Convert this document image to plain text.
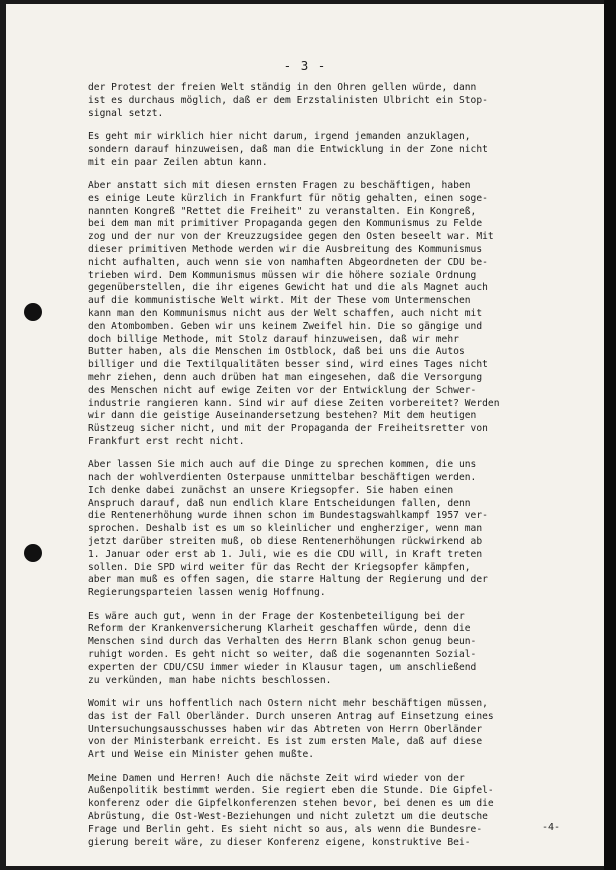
- 3 -
der Protest der freien Welt ständig in den Ohren gellen würde, dann
ist es durchaus möglich, daß er dem Erzstalinisten Ulbricht ein Stop-
signal setzt.
Es geht mir wirklich hier nicht darum, irgend jemanden anzuklagen,
sondern darauf hinzuweisen, daß man die Entwicklung in der Zone nicht
mit ein paar Zeilen abtun kann.
Aber anstatt sich mit diesen ernsten Fragen zu beschäftigen, haben
es einige Leute kürzlich in Frankfurt für nötig gehalten, einen soge-
nannten Kongreß "Rettet die Freiheit" zu veranstalten. Ein Kongreß,
bei dem man mit primitiver Propaganda gegen den Kommunismus zu Felde
zog und der nur von der Kreuzzugsidee gegen den Osten beseelt war. Mit
dieser primitiven Methode werden wir die Ausbreitung des Kommunismus
nicht aufhalten, auch wenn sie von namhaften Abgeordneten der CDU be-
trieben wird. Dem Kommunismus müssen wir die höhere soziale Ordnung
gegenüberstellen, die ihr eigenes Gewicht hat und die als Magnet auch
auf die kommunistische Welt wirkt. Mit der These vom Untermenschen
kann man den Kommunismus nicht aus der Welt schaffen, auch nicht mit
den Atombomben. Geben wir uns keinem Zweifel hin. Die so gängige und
doch billige Methode, mit Stolz darauf hinzuweisen, daß wir mehr
Butter haben, als die Menschen im Ostblock, daß bei uns die Autos
billiger und die Textilqualitäten besser sind, wird eines Tages nicht
mehr ziehen, denn auch drüben hat man eingesehen, daß die Versorgung
des Menschen nicht auf ewige Zeiten vor der Entwicklung der Schwer-
industrie rangieren kann. Sind wir auf diese Zeiten vorbereitet? Werden
wir dann die geistige Auseinandersetzung bestehen? Mit dem heutigen
Rüstzeug sicher nicht, und mit der Propaganda der Freiheitsretter von
Frankfurt erst recht nicht.
Aber lassen Sie mich auch auf die Dinge zu sprechen kommen, die uns
nach der wohlverdienten Osterpause unmittelbar beschäftigen werden.
Ich denke dabei zunächst an unsere Kriegsopfer. Sie haben einen
Anspruch darauf, daß nun endlich klare Entscheidungen fallen, denn
die Rentenerhöhung wurde ihnen schon im Bundestagswahlkampf 1957 ver-
sprochen. Deshalb ist es um so kleinlicher und engherziger, wenn man
jetzt darüber streiten muß, ob diese Rentenerhöhungen rückwirkend ab
1. Januar oder erst ab 1. Juli, wie es die CDU will, in Kraft treten
sollen. Die SPD wird weiter für das Recht der Kriegsopfer kämpfen,
aber man muß es offen sagen, die starre Haltung der Regierung und der
Regierungsparteien lassen wenig Hoffnung.
Es wäre auch gut, wenn in der Frage der Kostenbeteiligung bei der
Reform der Krankenversicherung Klarheit geschaffen würde, denn die
Menschen sind durch das Verhalten des Herrn Blank schon genug beun-
ruhigt worden. Es geht nicht so weiter, daß die sogenannten Sozial-
experten der CDU/CSU immer wieder in Klausur tagen, um anschließend
zu verkünden, man habe nichts beschlossen.
Womit wir uns hoffentlich nach Ostern nicht mehr beschäftigen müssen,
das ist der Fall Oberländer. Durch unseren Antrag auf Einsetzung eines
Untersuchungsausschusses haben wir das Abtreten von Herrn Oberländer
von der Ministerbank erreicht. Es ist zum ersten Male, daß auf diese
Art und Weise ein Minister gehen mußte.
Meine Damen und Herren! Auch die nächste Zeit wird wieder von der
Außenpolitik bestimmt werden. Sie regiert eben die Stunde. Die Gipfel-
konferenz oder die Gipfelkonferenzen stehen bevor, bei denen es um die
Abrüstung, die Ost-West-Beziehungen und nicht zuletzt um die deutsche
Frage und Berlin geht. Es sieht nicht so aus, als wenn die Bundesre-
gierung bereit wäre, zu dieser Konferenz eigene, konstruktive Bei-
-4-
